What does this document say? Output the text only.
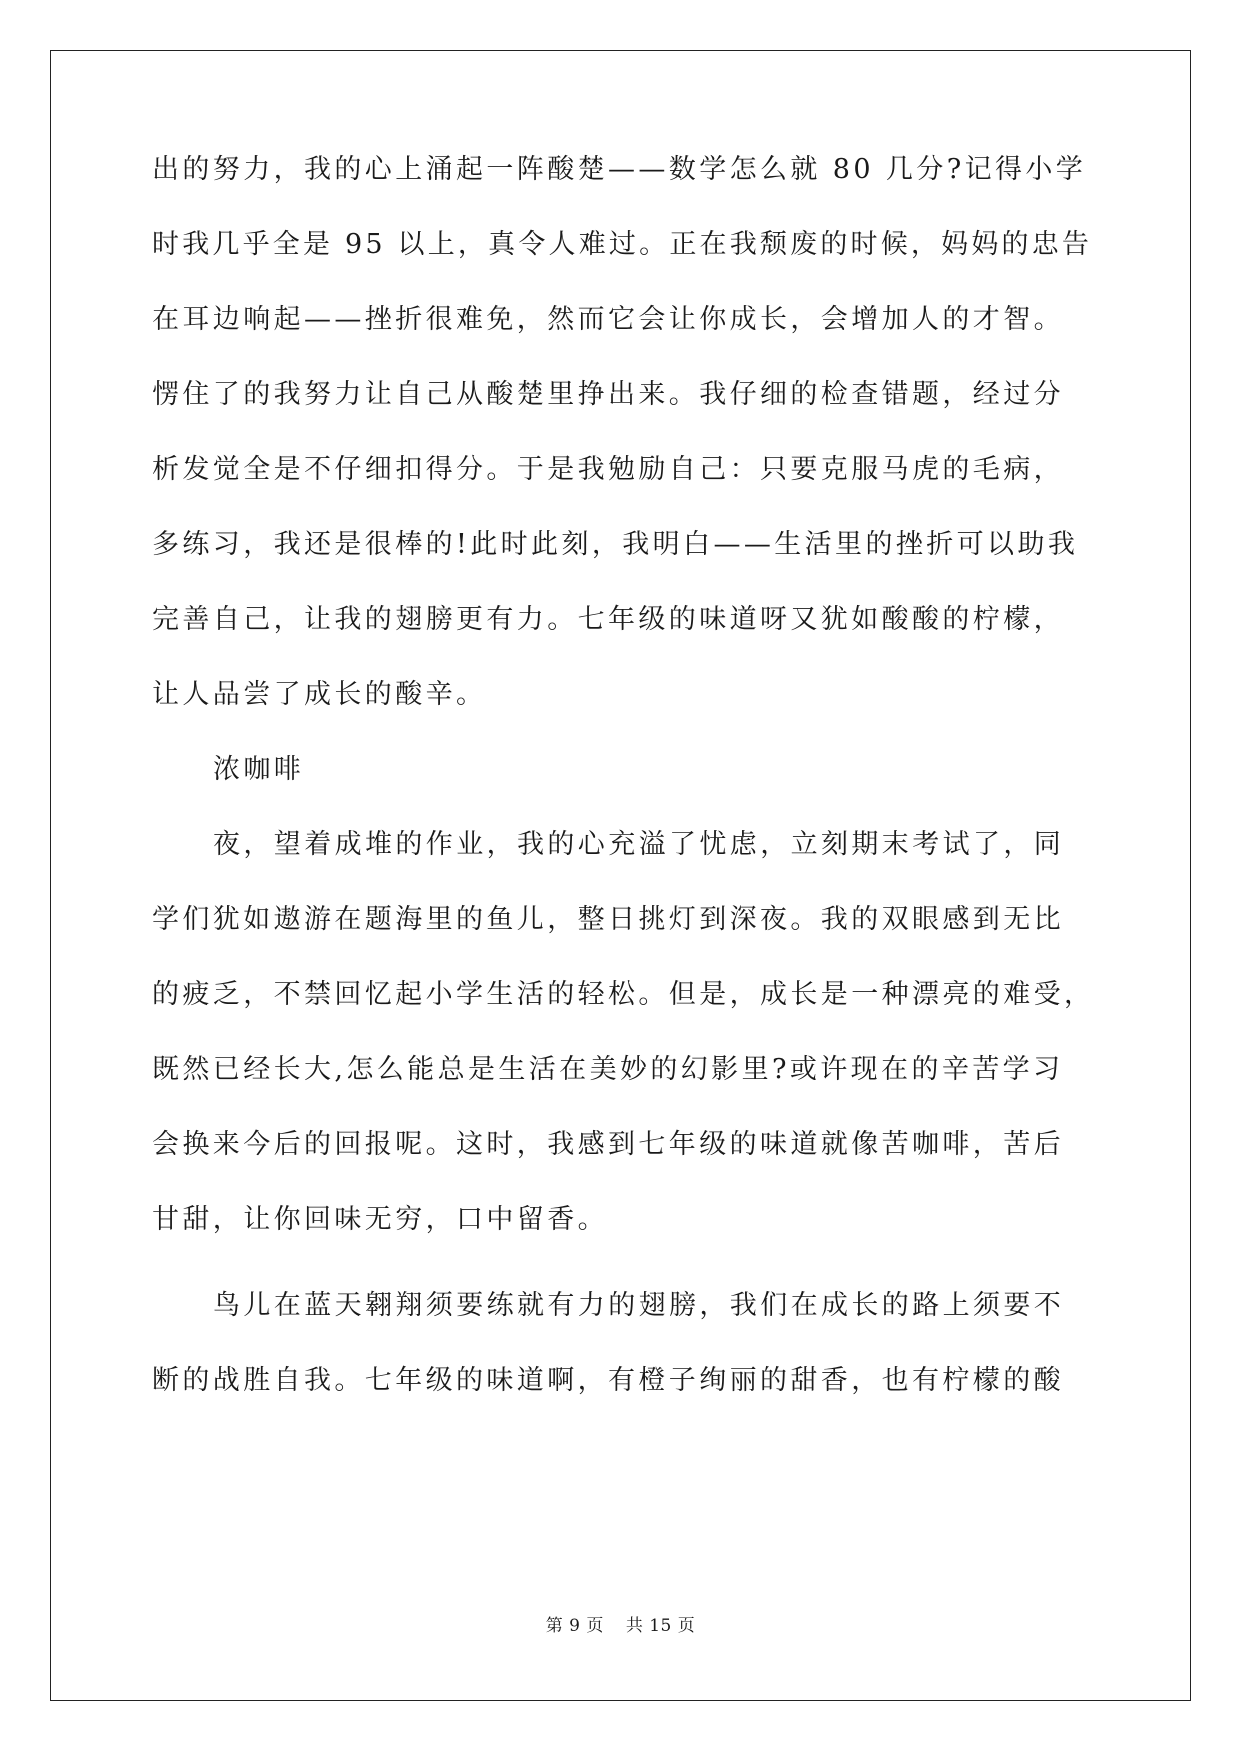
出的努力，我的心上涌起一阵酸楚——数学怎么就 80 几分?记得小学
时我几乎全是 95 以上，真令人难过。正在我颓废的时候，妈妈的忠告
在耳边响起——挫折很难免，然而它会让你成长，会增加人的才智。
愣住了的我努力让自己从酸楚里挣出来。我仔细的检查错题，经过分
析发觉全是不仔细扣得分。于是我勉励自己：只要克服马虎的毛病，
多练习，我还是很棒的!此时此刻，我明白——生活里的挫折可以助我
完善自己，让我的翅膀更有力。七年级的味道呀又犹如酸酸的柠檬，
让人品尝了成长的酸辛。
浓咖啡
夜，望着成堆的作业，我的心充溢了忧虑，立刻期末考试了，同
学们犹如遨游在题海里的鱼儿，整日挑灯到深夜。我的双眼感到无比
的疲乏，不禁回忆起小学生活的轻松。但是，成长是一种漂亮的难受，
既然已经长大,怎么能总是生活在美妙的幻影里?或许现在的辛苦学习
会换来今后的回报呢。这时，我感到七年级的味道就像苦咖啡，苦后
甘甜，让你回味无穷，口中留香。
鸟儿在蓝天翱翔须要练就有力的翅膀，我们在成长的路上须要不
断的战胜自我。七年级的味道啊，有橙子绚丽的甜香，也有柠檬的酸
第 9 页 共 15 页
